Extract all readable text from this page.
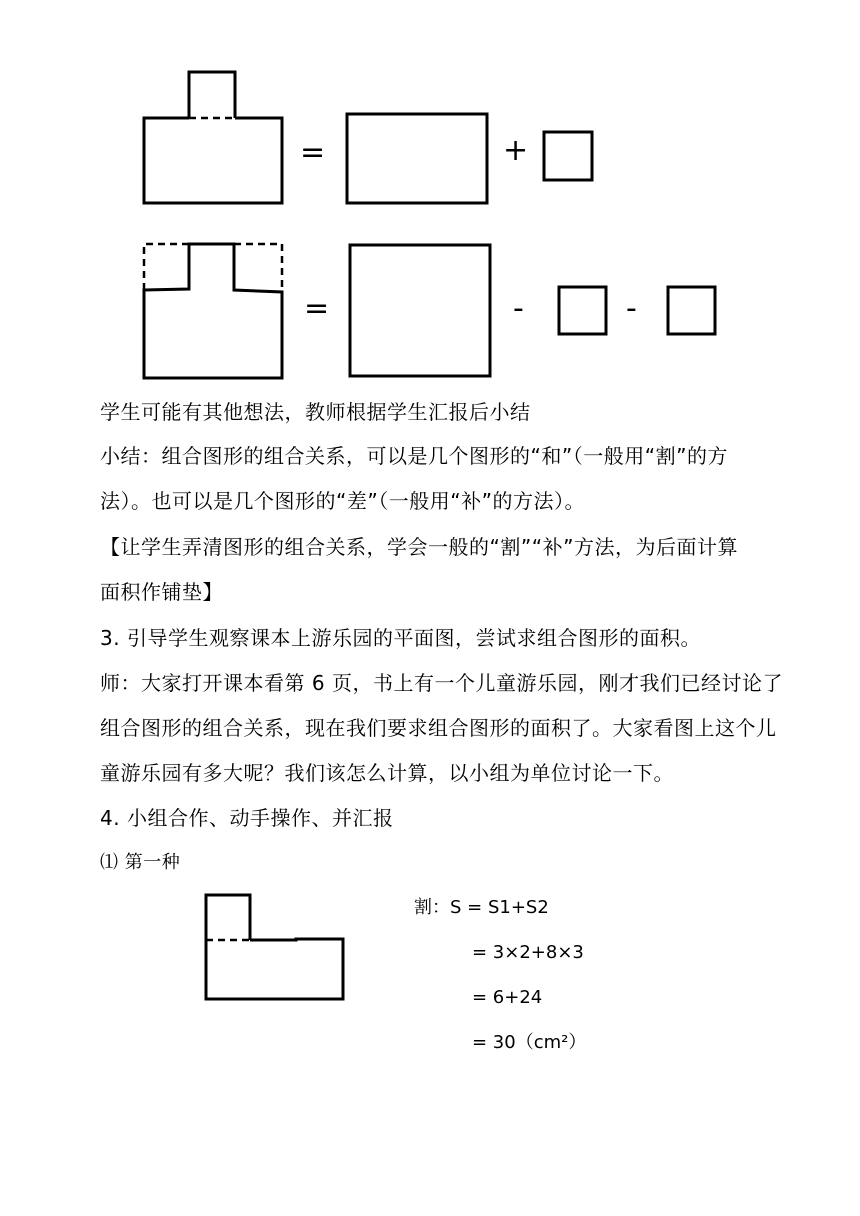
=	+
=	-	-
学生可能有其他想法，教师根据学生汇报后小结
小结：组合图形的组合关系，可以是几个图形的“和”（一般用“割”的方
法）。也可以是几个图形的“差”（一般用“补”的方法）。
【让学生弄清图形的组合关系，学会一般的“割”“补”方法，为后面计算
面积作铺垫】
3. 引导学生观察课本上游乐园的平面图，尝试求组合图形的面积。
师：大家打开课本看第 6 页，书上有一个儿童游乐园，刚才我们已经讨论了
组合图形的组合关系，现在我们要求组合图形的面积了。大家看图上这个儿
童游乐园有多大呢？我们该怎么计算，以小组为单位讨论一下。
4. 小组合作、动手操作、并汇报
⑴ 第一种
割：S = S1+S2
= 3×2+8×3
= 6+24
= 30（cm²）
